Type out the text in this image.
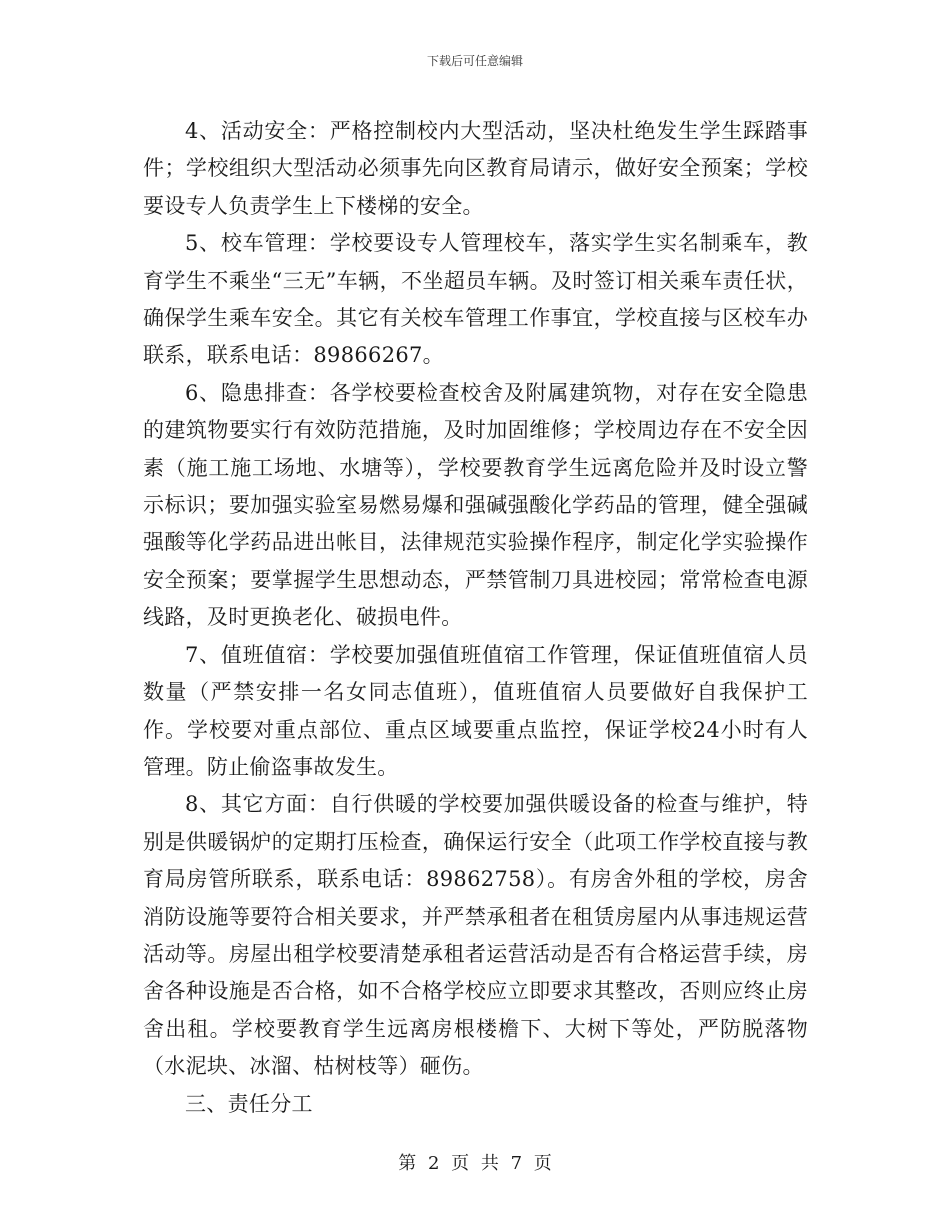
下载后可任意编辑

4、活动安全：严格控制校内大型活动，坚决杜绝发生学生踩踏事件；学校组织大型活动必须事先向区教育局请示，做好安全预案；学校要设专人负责学生上下楼梯的安全。

5、校车管理：学校要设专人管理校车，落实学生实名制乘车，教育学生不乘坐“三无”车辆，不坐超员车辆。及时签订相关乘车责任状，确保学生乘车安全。其它有关校车管理工作事宜，学校直接与区校车办联系，联系电话：89866267。

6、隐患排查：各学校要检查校舍及附属建筑物，对存在安全隐患的建筑物要实行有效防范措施，及时加固维修；学校周边存在不安全因素（施工施工场地、水塘等），学校要教育学生远离危险并及时设立警示标识；要加强实验室易燃易爆和强碱强酸化学药品的管理，健全强碱强酸等化学药品进出帐目，法律规范实验操作程序，制定化学实验操作安全预案；要掌握学生思想动态，严禁管制刀具进校园；常常检查电源线路，及时更换老化、破损电件。

7、值班值宿：学校要加强值班值宿工作管理，保证值班值宿人员数量（严禁安排一名女同志值班），值班值宿人员要做好自我保护工作。学校要对重点部位、重点区域要重点监控，保证学校24小时有人管理。防止偷盗事故发生。

8、其它方面：自行供暖的学校要加强供暖设备的检查与维护，特别是供暖锅炉的定期打压检查，确保运行安全（此项工作学校直接与教育局房管所联系，联系电话：89862758）。有房舍外租的学校，房舍消防设施等要符合相关要求，并严禁承租者在租赁房屋内从事违规运营活动等。房屋出租学校要清楚承租者运营活动是否有合格运营手续，房舍各种设施是否合格，如不合格学校应立即要求其整改，否则应终止房舍出租。学校要教育学生远离房根楼檐下、大树下等处，严防脱落物（水泥块、冰溜、枯树枝等）砸伤。

三、责任分工

第 2 页 共 7 页
